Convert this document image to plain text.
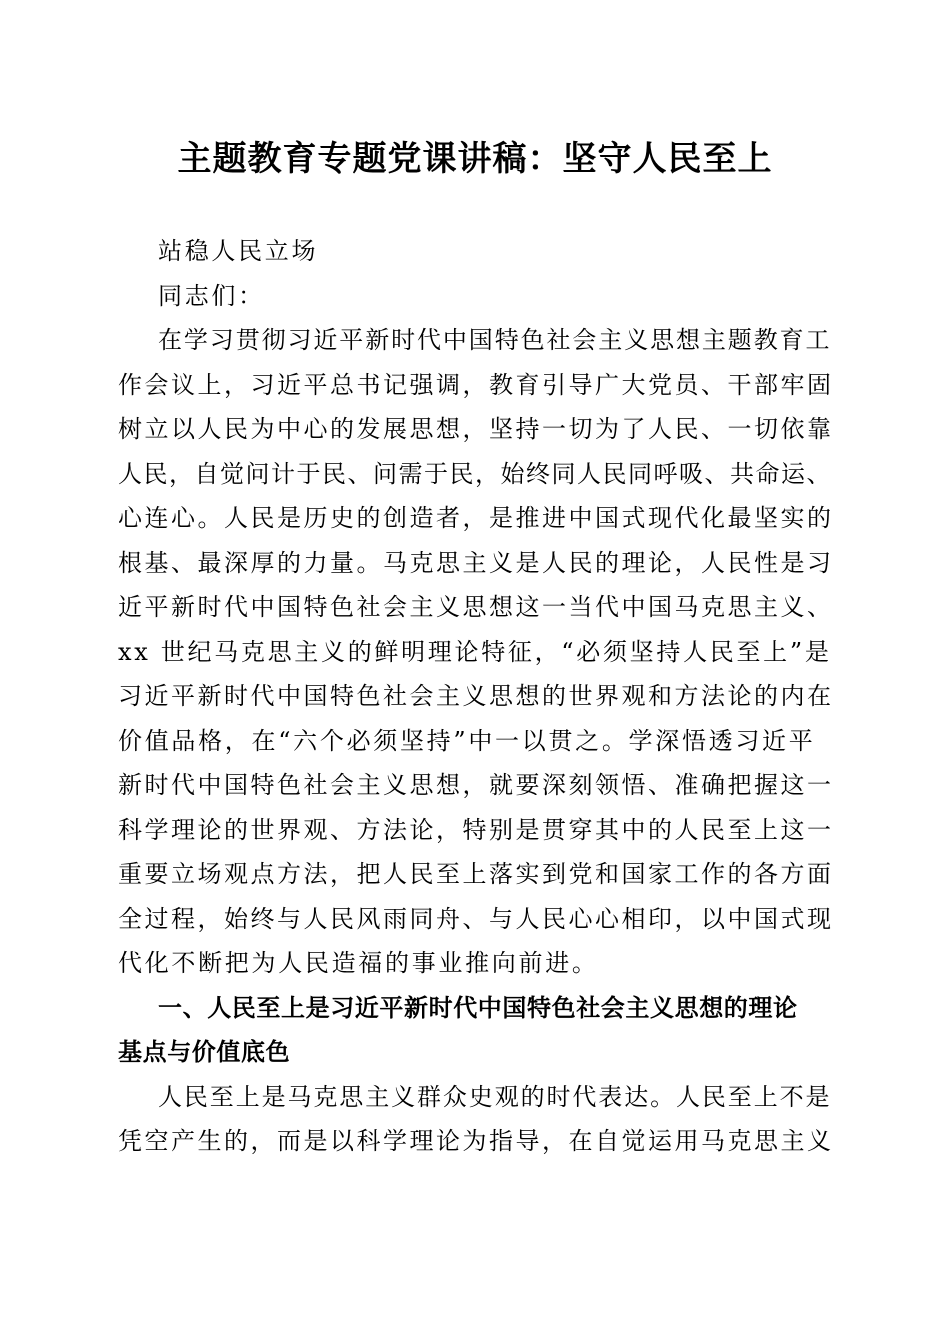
主题教育专题党课讲稿：坚守人民至上
站稳人民立场
同志们：
在学习贯彻习近平新时代中国特色社会主义思想主题教育工
作会议上，习近平总书记强调，教育引导广大党员、干部牢固
树立以人民为中心的发展思想，坚持一切为了人民、一切依靠
人民，自觉问计于民、问需于民，始终同人民同呼吸、共命运、
心连心。人民是历史的创造者，是推进中国式现代化最坚实的
根基、最深厚的力量。马克思主义是人民的理论，人民性是习
近平新时代中国特色社会主义思想这一当代中国马克思主义、
xx 世纪马克思主义的鲜明理论特征，“必须坚持人民至上”是
习近平新时代中国特色社会主义思想的世界观和方法论的内在
价值品格，在“六个必须坚持”中一以贯之。学深悟透习近平
新时代中国特色社会主义思想，就要深刻领悟、准确把握这一
科学理论的世界观、方法论，特别是贯穿其中的人民至上这一
重要立场观点方法，把人民至上落实到党和国家工作的各方面
全过程，始终与人民风雨同舟、与人民心心相印，以中国式现
代化不断把为人民造福的事业推向前进。
一、人民至上是习近平新时代中国特色社会主义思想的理论
基点与价值底色
人民至上是马克思主义群众史观的时代表达。人民至上不是
凭空产生的，而是以科学理论为指导，在自觉运用马克思主义
